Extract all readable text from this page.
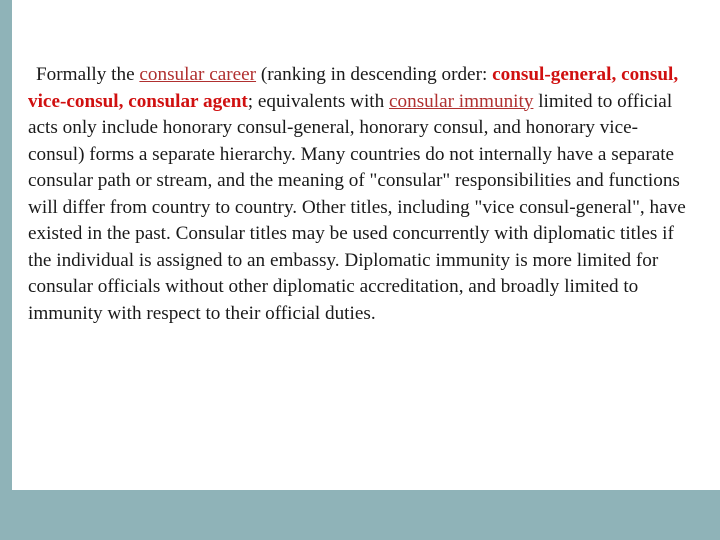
Formally the consular career (ranking in descending order: consul-general, consul, vice-consul, consular agent; equivalents with consular immunity limited to official acts only include honorary consul-general, honorary consul, and honorary vice-consul) forms a separate hierarchy. Many countries do not internally have a separate consular path or stream, and the meaning of "consular" responsibilities and functions will differ from country to country. Other titles, including "vice consul-general", have existed in the past. Consular titles may be used concurrently with diplomatic titles if the individual is assigned to an embassy. Diplomatic immunity is more limited for consular officials without other diplomatic accreditation, and broadly limited to immunity with respect to their official duties.
